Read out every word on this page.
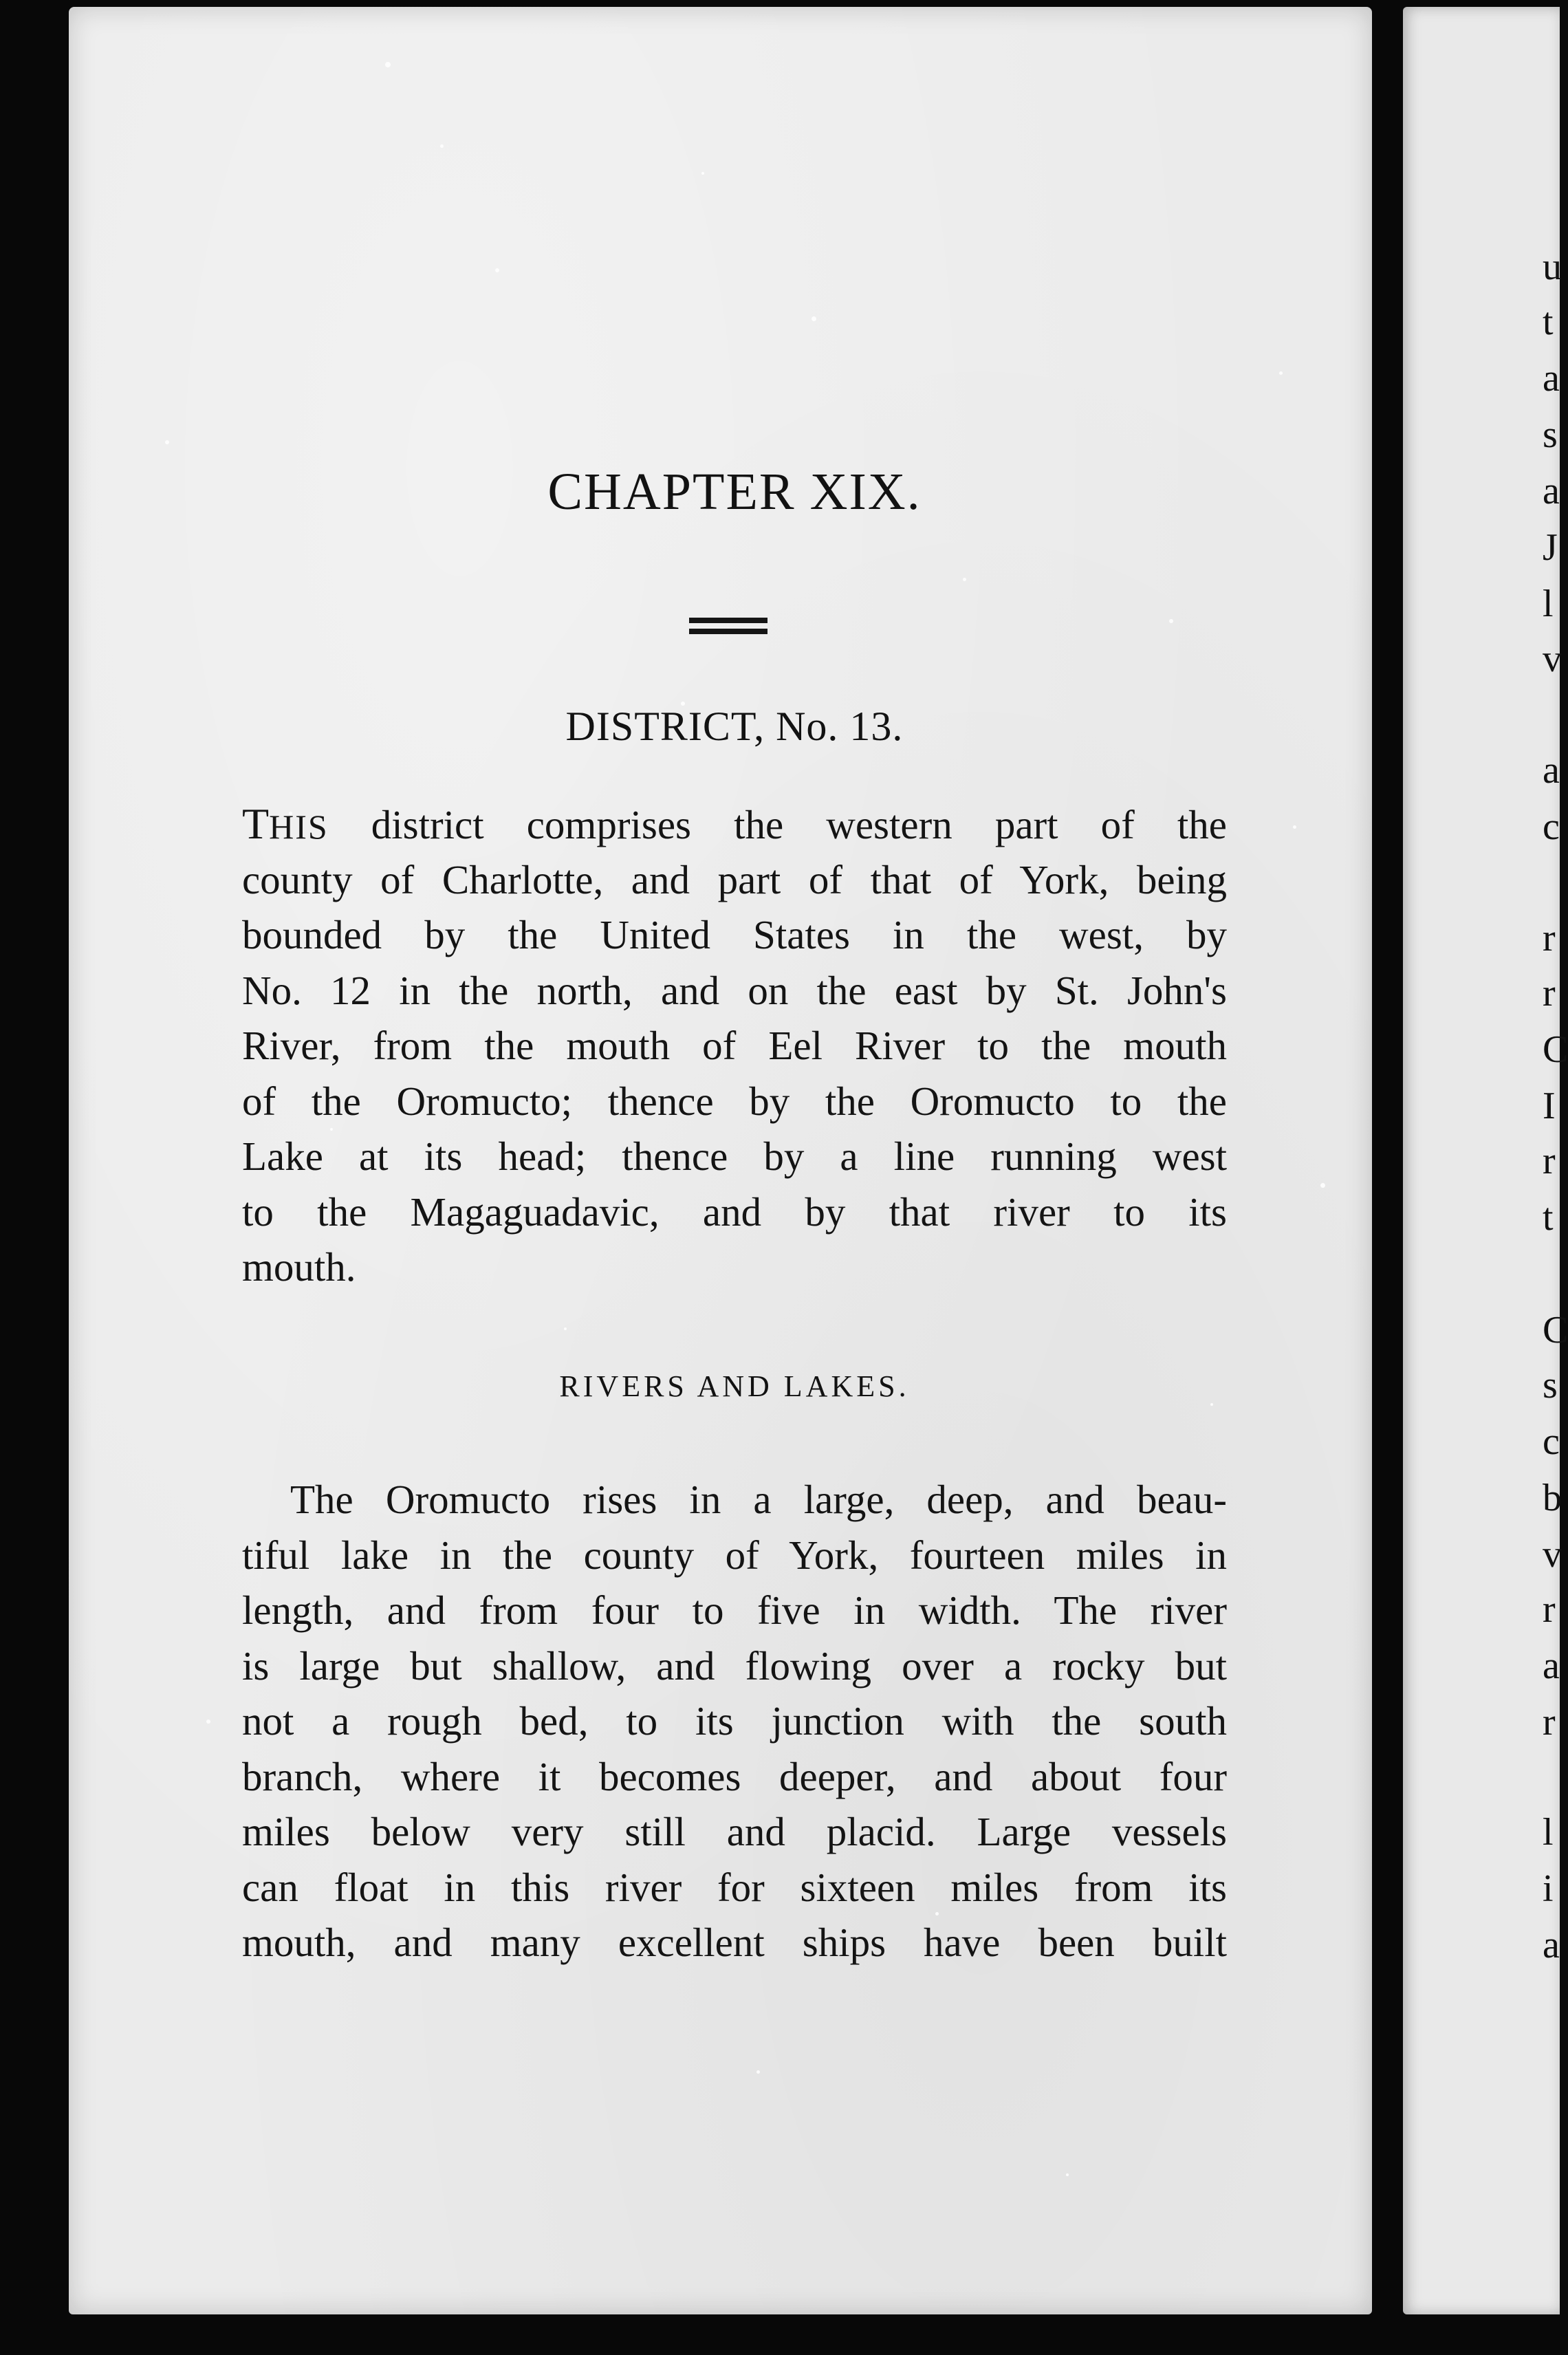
u
t
a
s
a
J
l
v
a
c
r
r
C
I
r
t
C
s
c
b
v
r
a
r
l
i
a
CHAPTER XIX.
DISTRICT, No. 13.
THIS district comprises the western part of the
county of Charlotte, and part of that of York, being
bounded by the United States in the west, by
No. 12 in the north, and on the east by St. John's
River, from the mouth of Eel River to the mouth
of the Oromucto; thence by the Oromucto to the
Lake at its head; thence by a line running west
to the Magaguadavic, and by that river to its
mouth.
RIVERS AND LAKES.
The Oromucto rises in a large, deep, and beau-
tiful lake in the county of York, fourteen miles in
length, and from four to five in width. The river
is large but shallow, and flowing over a rocky but
not a rough bed, to its junction with the south
branch, where it becomes deeper, and about four
miles below very still and placid. Large vessels
can float in this river for sixteen miles from its
mouth, and many excellent ships have been built
